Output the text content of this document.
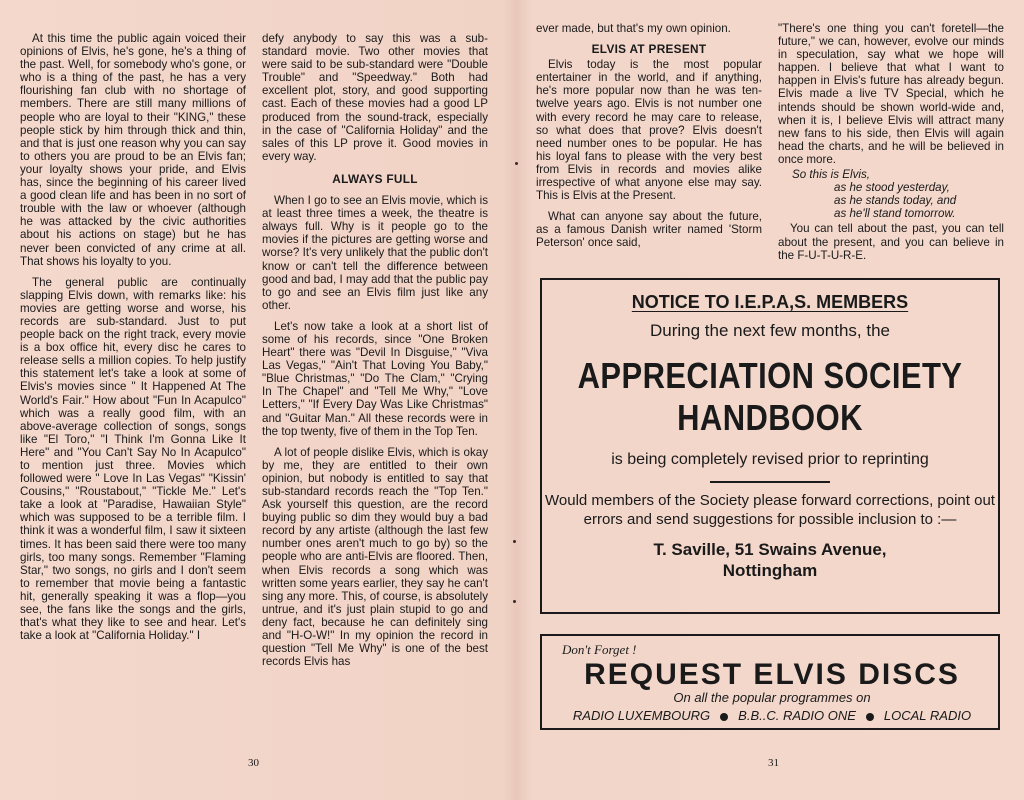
At this time the public again voiced their opinions of Elvis, he's gone, he's a thing of the past. Well, for somebody who's gone, or who is a thing of the past, he has a very flourishing fan club with no shortage of members. There are still many millions of people who are loyal to their "KING," these people stick by him through thick and thin, and that is just one reason why you can say to others you are proud to be an Elvis fan; your loyalty shows your pride, and Elvis has, since the beginning of his career lived a good clean life and has been in no sort of trouble with the law or whoever (although he was attacked by the civic authorities about his actions on stage) but he has never been convicted of any crime at all. That shows his loyalty to you.

The general public are continually slapping Elvis down, with remarks like: his movies are getting worse and worse, his records are sub-standard. Just to put people back on the right track, every movie is a box office hit, every disc he cares to release sells a million copies. To help justify this statement let's take a look at some of Elvis's movies since " It Happened At The World's Fair." How about "Fun In Acapulco" which was a really good film, with an above-average collection of songs, songs like "El Toro," "I Think I'm Gonna Like It Here" and "You Can't Say No In Acapulco" to mention just three. Movies which followed were " Love In Las Vegas" "Kissin' Cousins," "Roustabout," "Tickle Me." Let's take a look at "Paradise, Hawaiian Style" which was supposed to be a terrible film. I think it was a wonderful film, I saw it sixteen times. It has been said there were too many girls, too many songs. Remember "Flaming Star," two songs, no girls and I don't seem to remember that movie being a fantastic hit, generally speaking it was a flop—you see, the fans like the songs and the girls, that's what they like to see and hear. Let's take a look at "California Holiday." I

defy anybody to say this was a sub-standard movie. Two other movies that were said to be sub-standard were "Double Trouble" and "Speedway." Both had excellent plot, story, and good supporting cast. Each of these movies had a good LP produced from the sound-track, especially in the case of "California Holiday" and the sales of this LP prove it. Good movies in every way.

ALWAYS FULL

When I go to see an Elvis movie, which is at least three times a week, the theatre is always full. Why is it people go to the movies if the pictures are getting worse and worse? It's very unlikely that the public don't know or can't tell the difference between good and bad, I may add that the public pay to go and see an Elvis film just like any other.

Let's now take a look at a short list of some of his records, since "One Broken Heart" there was "Devil In Disguise," "Viva Las Vegas," "Ain't That Loving You Baby," "Blue Christmas," "Do The Clam," "Crying In The Chapel" and "Tell Me Why," "Love Letters," "If Every Day Was Like Christmas" and "Guitar Man." All these records were in the top twenty, five of them in the Top Ten.

A lot of people dislike Elvis, which is okay by me, they are entitled to their own opinion, but nobody is entitled to say that sub-standard records reach the "Top Ten." Ask yourself this question, are the record buying public so dim they would buy a bad record by any artiste (although the last few number ones aren't much to go by) so the people who are anti-Elvis are floored. Then, when Elvis records a song which was written some years earlier, they say he can't sing any more. This, of course, is absolutely untrue, and it's just plain stupid to go and deny fact, because he can definitely sing and "H-O-W!" In my opinion the record in question "Tell Me Why" is one of the best records Elvis has

30

ever made, but that's my own opinion.

ELVIS AT PRESENT

Elvis today is the most popular entertainer in the world, and if anything, he's more popular now than he was ten-twelve years ago. Elvis is not number one with every record he may care to release, so what does that prove? Elvis doesn't need number ones to be popular. He has his loyal fans to please with the very best from Elvis in records and movies alike irrespective of what anyone else may say. This is Elvis at the Present.

What can anyone say about the future, as a famous Danish writer named 'Storm Peterson' once said,

"There's one thing you can't foretell—the future," we can, however, evolve our minds in speculation, say what we hope will happen. I believe that what I want to happen in Elvis's future has already begun. Elvis made a live TV Special, which he intends should be shown world-wide and, when it is, I believe Elvis will attract many new fans to his side, then Elvis will again head the charts, and he will be believed in once more.

So this is Elvis,

as he stood yesterday,

as he stands today, and

as he'll stand tomorrow.

You can tell about the past, you can tell about the present, and you can believe in the F-U-T-U-R-E.

NOTICE TO I.E.P.A,S. MEMBERS
During the next few months, the
APPRECIATION SOCIETY
HANDBOOK
is being completely revised prior to reprinting
Would members of the Society please forward corrections, point out errors and send suggestions for possible inclusion to :—
T. Saville, 51 Swains Avenue,
Nottingham
Don't Forget !
REQUEST ELVIS DISCS
On all the popular programmes on
RADIO LUXEMBOURG B.B..C. RADIO ONE LOCAL RADIO
31
